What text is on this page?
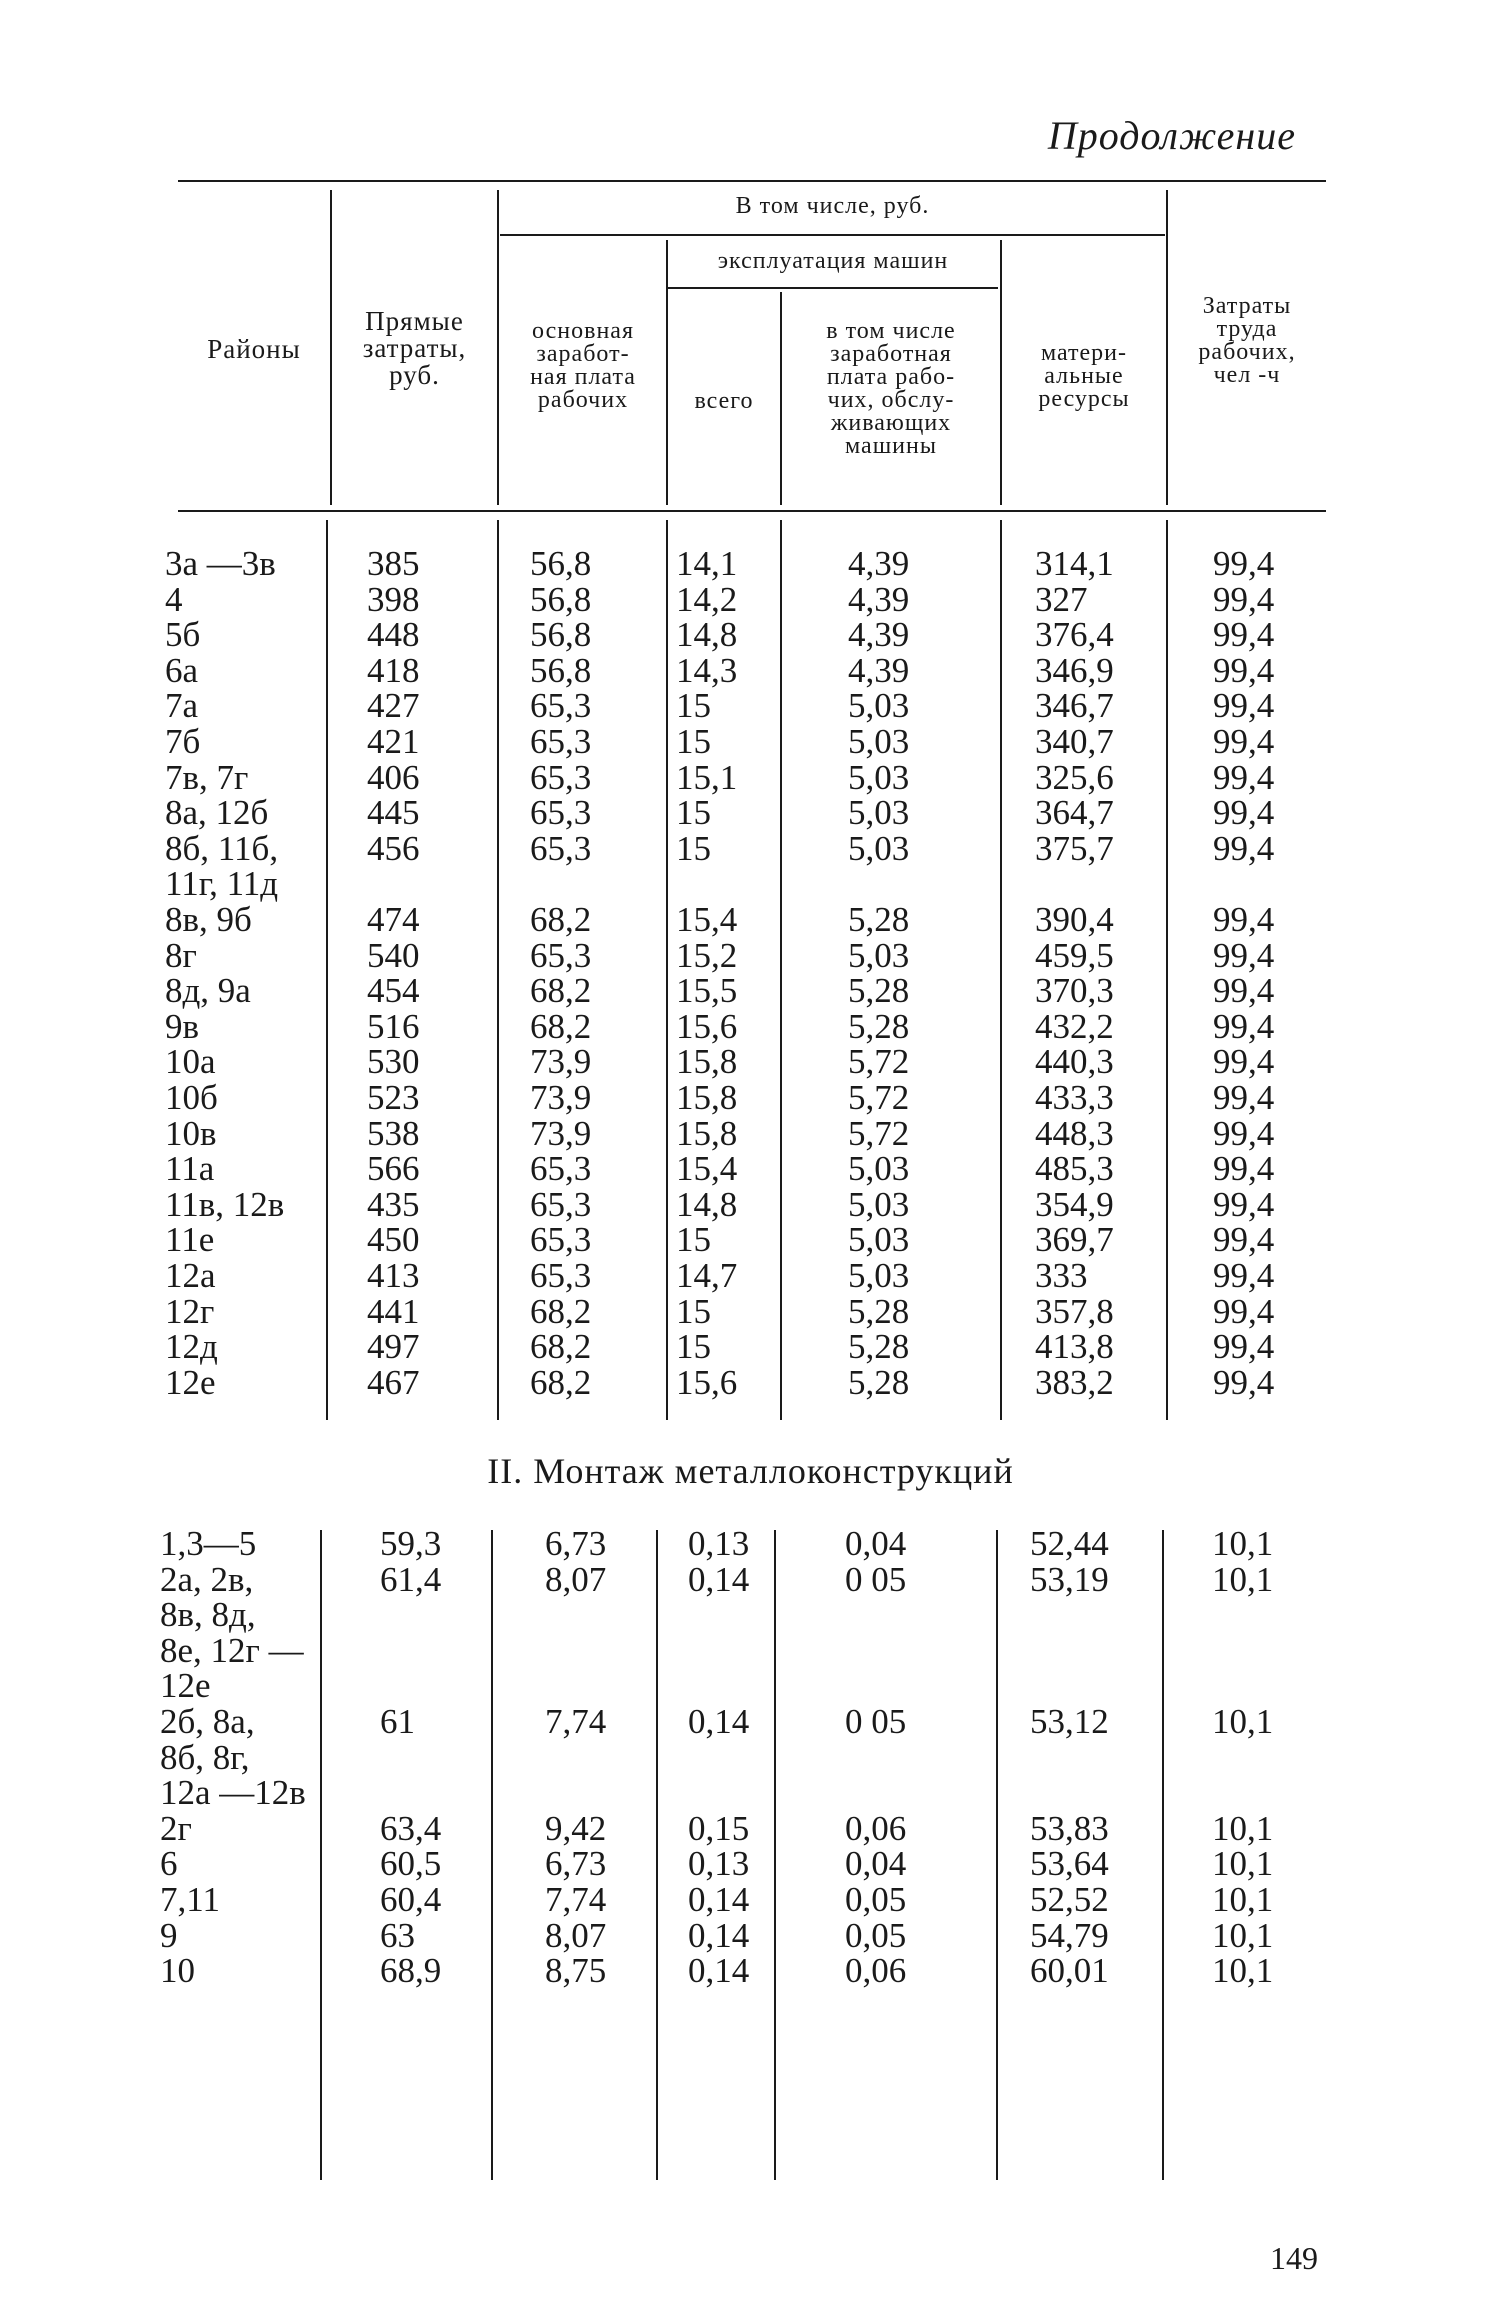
Продолжение
Районы
Прямые
затраты,
руб.
В том числе, руб.
основная
заработ-
ная плата
рабочих
эксплуатация машин
всего
в том числе
заработная
плата рабо-
чих, обслу-
живающих
машины
матери-
альные
ресурсы
Затраты
труда
рабочих,
чел -ч
3а —3в	385	56,8 14,1	4,39	314,1	99,4
4	398	56,8 14,2	4,39	327	99,4
5б	448	56,8 14,8	4,39	376,4	99,4
6а	418	56,8 14,3	4,39	346,9	99,4
7а	427	65,3 15	5,03	346,7	99,4
7б	421	65,3 15	5,03	340,7	99,4
7в, 7г	406	65,3 15,1	5,03	325,6	99,4
8а, 12б	445	65,3 15	5,03	364,7	99,4
8б, 11б,	456	65,3 15	5,03	375,7	99,4
11г, 11д
8в, 9б	474	68,2 15,4	5,28	390,4	99,4
8г	540	65,3 15,2	5,03	459,5	99,4
8д, 9а	454	68,2 15,5	5,28	370,3	99,4
9в	516	68,2 15,6	5,28	432,2	99,4
10а	530	73,9 15,8	5,72	440,3	99,4
10б	523	73,9 15,8	5,72	433,3	99,4
10в	538	73,9 15,8	5,72	448,3	99,4
11а	566	65,3 15,4	5,03	485,3	99,4
11в, 12в 435	65,3 14,8	5,03	354,9	99,4
11е	450	65,3 15	5,03	369,7	99,4
12а	413	65,3 14,7	5,03	333	99,4
12г	441	68,2 15	5,28	357,8	99,4
12д	497	68,2 15	5,28	413,8	99,4
12е	467	68,2 15,6	5,28	383,2	99,4
II. Монтаж металлоконструкций
1,3—5	59,3	6,73 0,13	0,04	52,44	10,1
2а, 2в,	61,4	8,07 0,14	0 05	53,19	10,1
8в, 8д,
8е, 12г —
12е
2б, 8а,	61	7,74 0,14	0 05	53,12	10,1
8б, 8г,
12а —12в
2г	63,4	9,42 0,15	0,06	53,83	10,1
6	60,5	6,73 0,13	0,04	53,64	10,1
7,11	60,4	7,74 0,14	0,05	52,52	10,1
9	63	8,07 0,14	0,05	54,79	10,1
10	68,9	8,75 0,14	0,06	60,01	10,1
149
